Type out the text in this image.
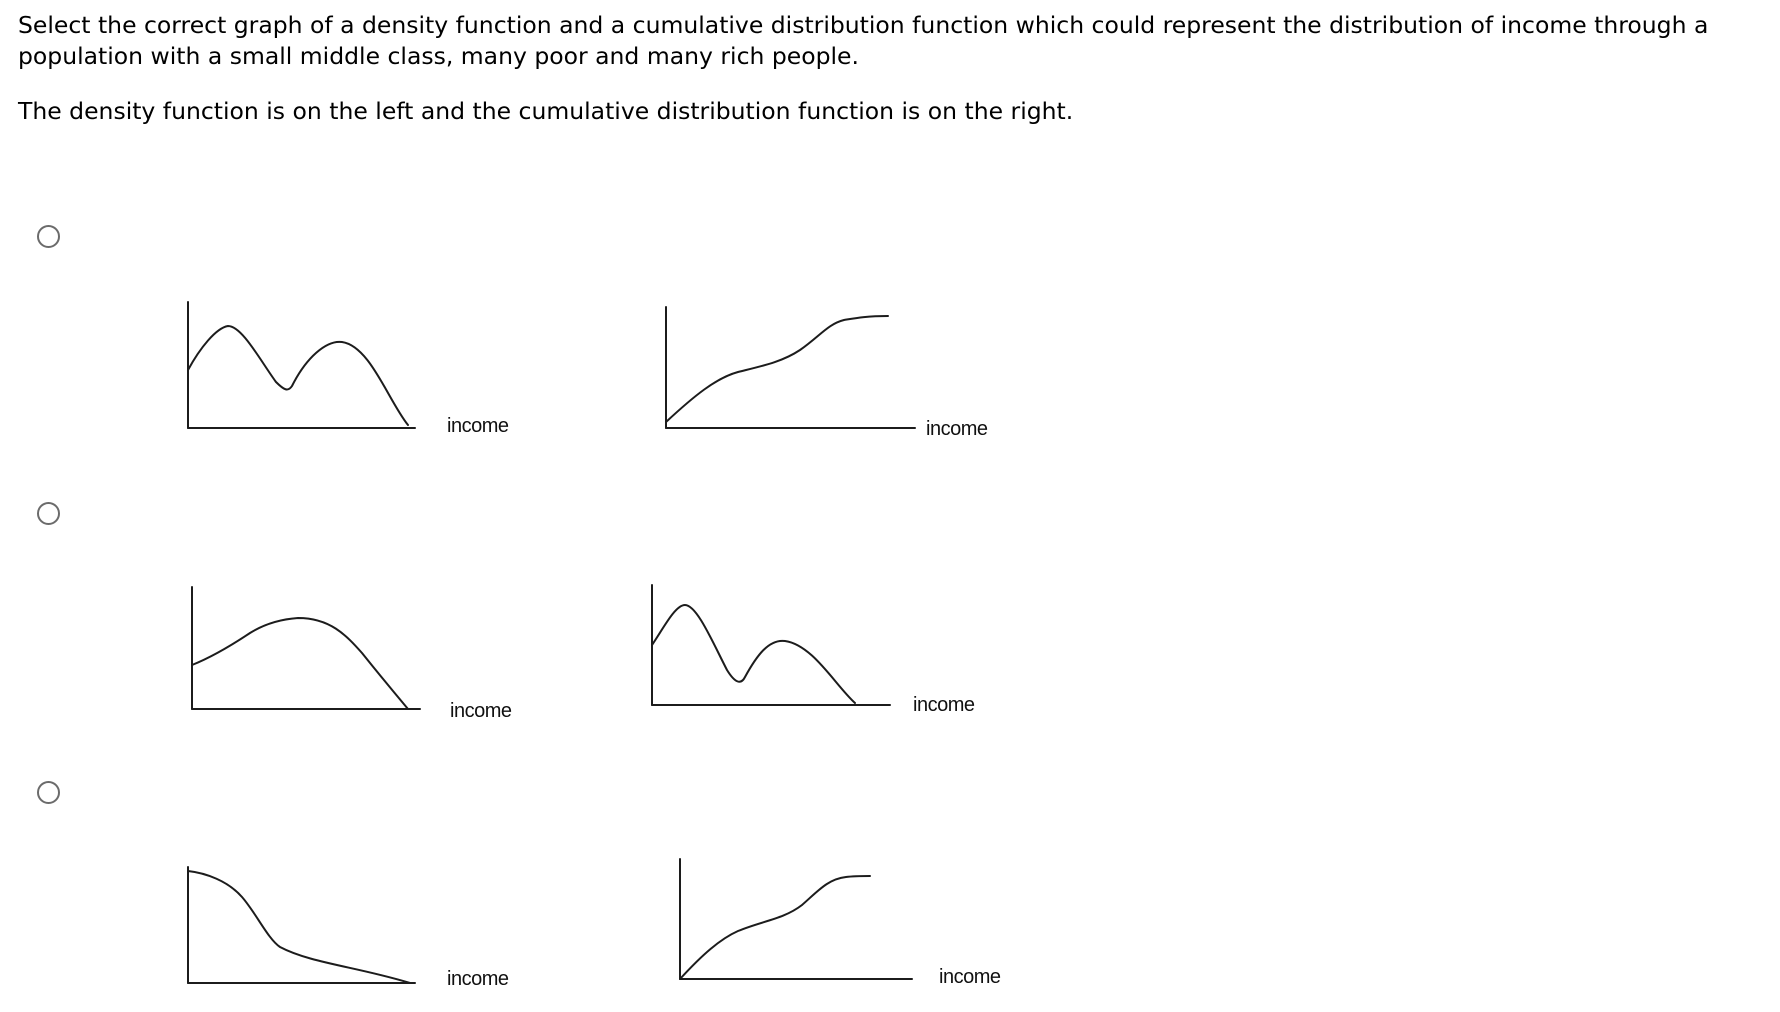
Select the correct graph of a density function and a cumulative distribution function which could represent the distribution of income through a population with a small middle class, many poor and many rich people.

The density function is on the left and the cumulative distribution function is on the right.

income	income
income	income
income	income
